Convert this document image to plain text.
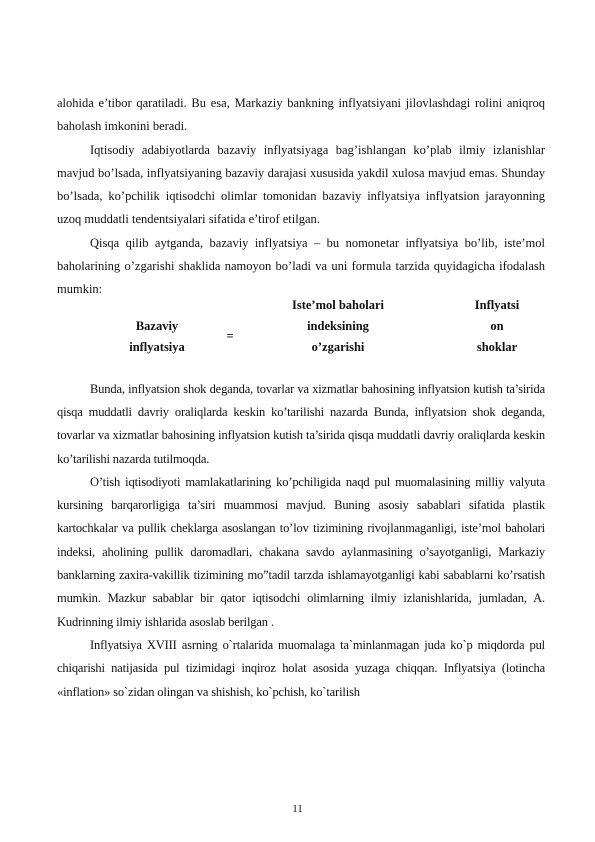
alohida e’tibor qaratiladi. Bu esa, Markaziy bankning inflyatsiyani jilovlashdagi rolini aniqroq baholash imkonini beradi.

Iqtisodiy adabiyotlarda bazaviy inflyatsiyaga bag’ishlangan ko’plab ilmiy izlanishlar mavjud bo’lsada, inflyatsiyaning bazaviy darajasi xususida yakdil xulosa mavjud emas. Shunday bo’lsada, ko’pchilik iqtisodchi olimlar tomonidan bazaviy inflyatsiya inflyatsion jarayonning uzoq muddatli tendentsiyalari sifatida e’tirof etilgan.

Qisqa qilib aytganda, bazaviy inflyatsiya – bu nomonetar inflyatsiya bo’lib, iste’mol baholarining o’zgarishi shaklida namoyon bo’ladi va uni formula tarzida quyidagicha ifodalash mumkin:

Bazaviy
inflyatsiya
=
Iste’mol baholari
indeksining
o’zgarishi
Inflyatsi
on
shoklar

Bunda, inflyatsion shok deganda, tovarlar va xizmatlar bahosining inflyatsion kutish ta’sirida qisqa muddatli davriy oraliqlarda keskin ko’tarilishi nazarda Bunda, inflyatsion shok deganda, tovarlar va xizmatlar bahosining inflyatsion kutish ta’sirida qisqa muddatli davriy oraliqlarda keskin ko’tarilishi nazarda tutilmoqda.

O’tish iqtisodiyoti mamlakatlarining ko’pchiligida naqd pul muomalasining milliy valyuta kursining barqarorligiga ta’siri muammosi mavjud. Buning asosiy sabablari sifatida plastik kartochkalar va pullik cheklarga asoslangan to’lov tizimining rivojlanmaganligi, iste’mol baholari indeksi, aholining pullik daromadlari, chakana savdo aylanmasining o’sayotganligi, Markaziy banklarning zaxira-vakillik tizimining mo”tadil tarzda ishlamayotganligi kabi sabablarni ko’rsatish mumkin. Mazkur sabablar bir qator iqtisodchi olimlarning ilmiy izlanishlarida, jumladan, A. Kudrinning ilmiy ishlarida asoslab berilgan .

Inflyatsiya XVIII asrning o`rtalarida muomalaga ta`minlanmagan juda ko`p miqdorda pul chiqarishi natijasida pul tizimidagi inqiroz holat asosida yuzaga chiqqan. Inflyatsiya (lotincha «inflation» so`zidan olingan va shishish, ko`pchish, ko`tarilish

11
